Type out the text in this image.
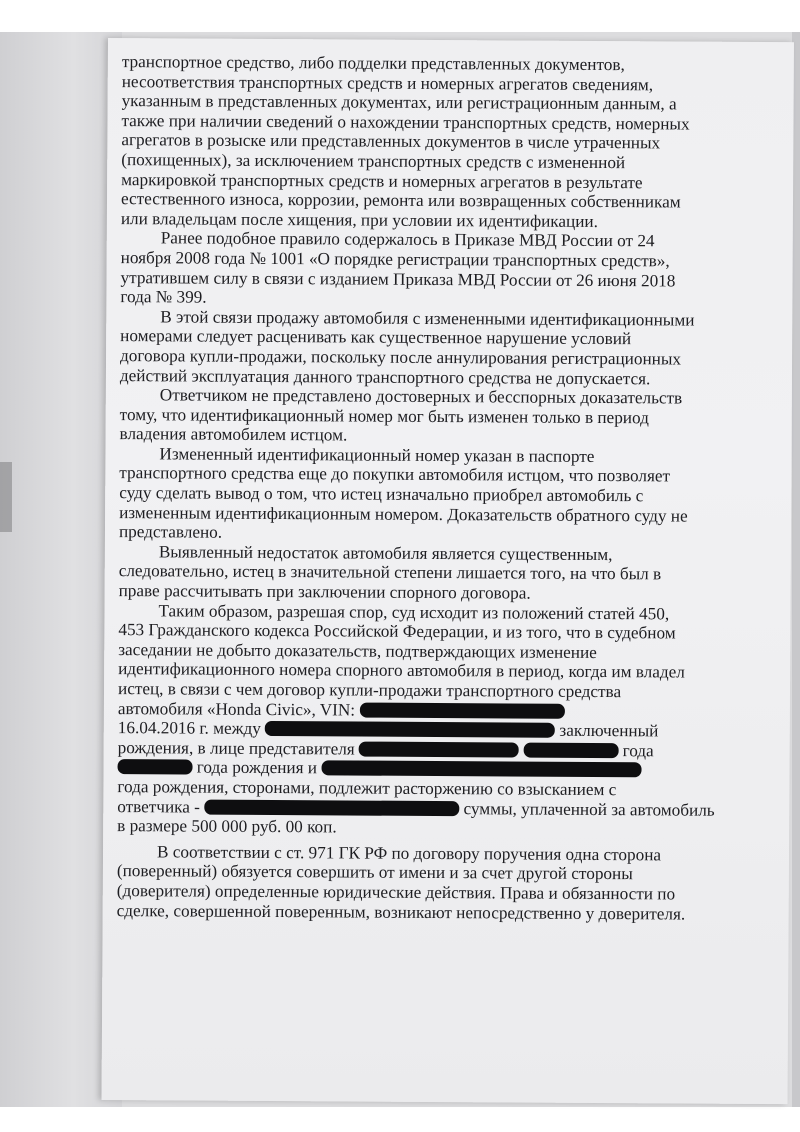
транспортное средство, либо подделки представленных документов,

несоответствия транспортных средств и номерных агрегатов сведениям,

указанным в представленных документах, или регистрационным данным, а

также при наличии сведений о нахождении транспортных средств, номерных

агрегатов в розыске или представленных документов в числе утраченных

(похищенных), за исключением транспортных средств с измененной

маркировкой транспортных средств и номерных агрегатов в результате

естественного износа, коррозии, ремонта или возвращенных собственникам

или владельцам после хищения, при условии их идентификации.

Ранее подобное правило содержалось в Приказе МВД России от 24

ноября 2008 года № 1001 «О порядке регистрации транспортных средств»,

утратившем силу в связи с изданием Приказа МВД России от 26 июня 2018

года № 399.

В этой связи продажу автомобиля с измененными идентификационными

номерами следует расценивать как существенное нарушение условий

договора купли-продажи, поскольку после аннулирования регистрационных

действий эксплуатация данного транспортного средства не допускается.

Ответчиком не представлено достоверных и бесспорных доказательств

тому, что идентификационный номер мог быть изменен только в период

владения автомобилем истцом.

Измененный идентификационный номер указан в паспорте

транспортного средства еще до покупки автомобиля истцом, что позволяет

суду сделать вывод о том, что истец изначально приобрел автомобиль с

измененным идентификационным номером. Доказательств обратного суду не

представлено.

Выявленный недостаток автомобиля является существенным,

следовательно, истец в значительной степени лишается того, на что был в

праве рассчитывать при заключении спорного договора.

Таким образом, разрешая спор, суд исходит из положений статей 450,

453 Гражданского кодекса Российской Федерации, и из того, что в судебном

заседании не добыто доказательств, подтверждающих изменение

идентификационного номера спорного автомобиля в период, когда им владел

истец, в связи с чем договор купли-продажи транспортного средства

автомобиля «Honda Civic», VIN:

16.04.2016 г. между	заключенный

рождения, в лице представителя	года

года рождения и

года рождения, сторонами, подлежит расторжению со взысканием с

ответчика -	суммы, уплаченной за автомобиль

в размере 500 000 руб. 00 коп.

В соответствии с ст. 971 ГК РФ по договору поручения одна сторона

(поверенный) обязуется совершить от имени и за счет другой стороны

(доверителя) определенные юридические действия. Права и обязанности по

сделке, совершенной поверенным, возникают непосредственно у доверителя.
